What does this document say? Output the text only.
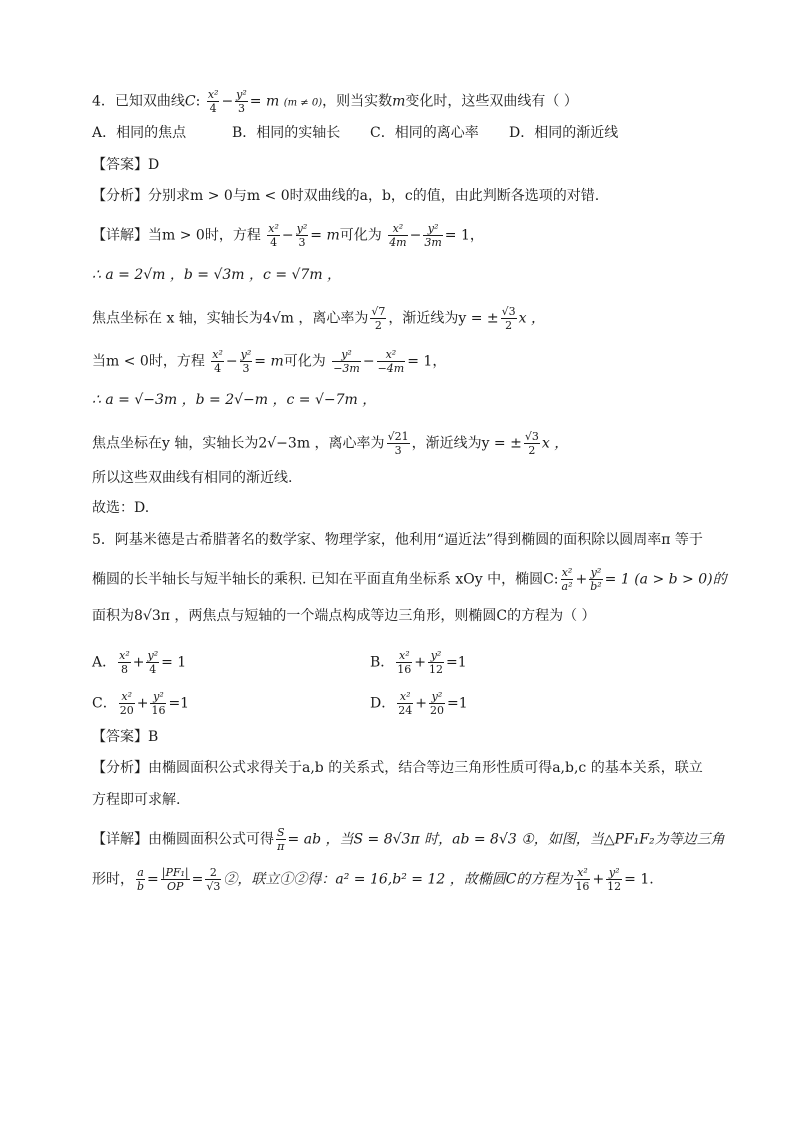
4．已知双曲线C: $\frac{\text{x²}}{4} - \frac{\text{y²}}{3} = m$ (m ≠ 0)，则当实数m变化时，这些双曲线有（ ）
A．相同的焦点	B．相同的实轴长 C．相同的离心率 D．相同的渐近线
【答案】D
【分析】分别求m > 0与m < 0时双曲线的a，b，c的值，由此判断各选项的对错.
【详解】当m > 0时，方程 $\frac{\text{x²}}{4} - \frac{\text{y²}}{3} = m$可化为 $\frac{\text{x²}}{4m} - \frac{\text{y²}}{3m} = 1$，
∴ a = 2√m ，b = √3m ，c = √7m ，
焦点坐标在 x 轴，实轴长为4√m ，离心率为 $\frac{√7}{2}$ ，渐近线为y = ± $\frac{√3}{2}$ x ，
当m < 0时，方程 $\frac{\text{x²}}{4} - \frac{\text{y²}}{3} = m$可化为 $\frac{\text{y²}}{-3m} - \frac{\text{x²}}{-4m} = 1$，
∴ a = √−3m ，b = 2√−m ，c = √−7m ，
焦点坐标在y 轴，实轴长为2√−3m ，离心率为 $\frac{√21}{3}$ ，渐近线为y = ± $\frac{√3}{2}$ x ，
所以这些双曲线有相同的渐近线.
故选：D.
5．阿基米德是古希腊著名的数学家、物理学家，他利用“逼近法”得到椭圆的面积除以圆周率π 等于
椭圆的长半轴长与短半轴长的乘积. 已知在平面直角坐标系 xOy 中，椭圆C: $\frac{\text{x²}}{\text{a²}} + \frac{\text{y²}}{\text{b²}} = 1$ (a > b > 0)的
面积为8√3π ，两焦点与短轴的一个端点构成等边三角形，则椭圆C的方程为（ ）
A． $\frac{\text{x²}}{8} + \frac{\text{y²}}{4} = 1$	B． $\frac{\text{x²}}{16} + \frac{\text{y²}}{12} =1$
C． $\frac{\text{x²}}{20} + \frac{\text{y²}}{16} =1$	D． $\frac{\text{x²}}{24} + \frac{\text{y²}}{20} =1$
【答案】B
【分析】由椭圆面积公式求得关于a,b 的关系式，结合等边三角形性质可得a,b,c 的基本关系，联立
方程即可求解.
【详解】由椭圆面积公式可得 $\frac{S}{\pi}$ = ab ，当S = 8√3π 时，ab = 8√3 ①，如图，当△PF₁F₂为等边三角
形时， $\frac{a}{b} = \frac{\text{|PF₁|}}{OP} = \frac{2}{√3}$ ②，联立①②得：a² = 16,b² = 12 ，故椭圆C的方程为 $\frac{\text{x²}}{16} + \frac{\text{y²}}{12} = 1$.
